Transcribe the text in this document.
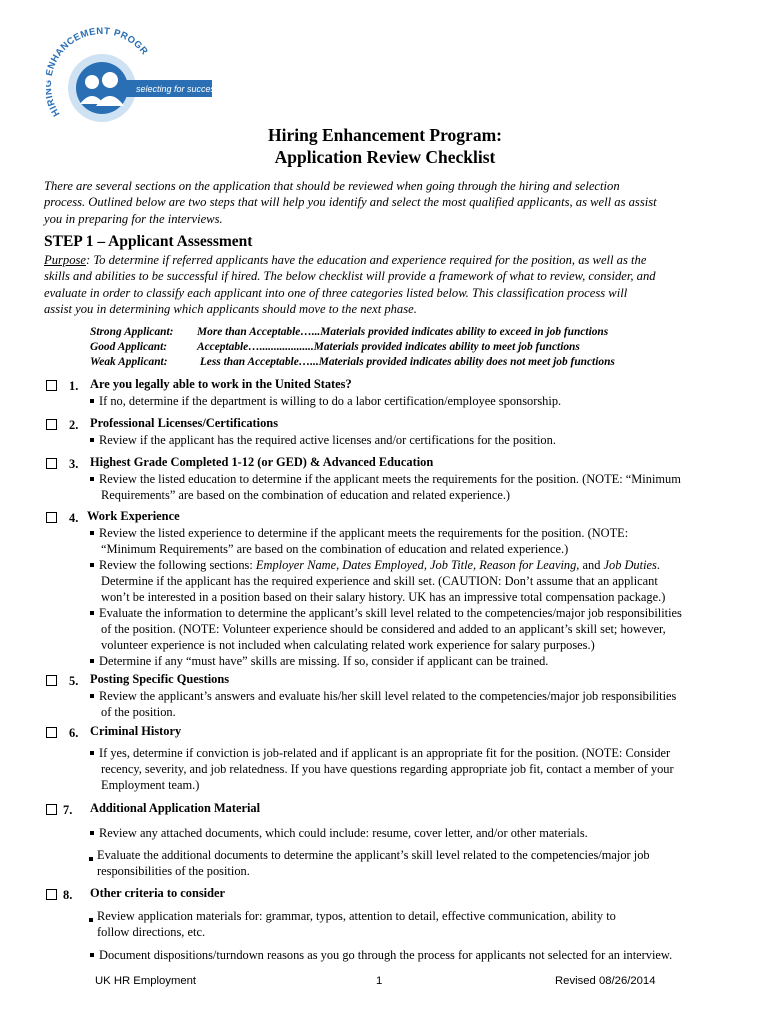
HIR NHANCEMENT PROGR
selecting for success!
Hiring Enhancement Program:
Application Review Checklist
There are several sections on the application that should be reviewed when going through the hiring and selection
process. Outlined below are two steps that will help you identify and select the most qualified applicants, as well as assist
you in preparing for the interviews.
STEP 1 – Applicant Assessment
Purpose: To determine if referred applicants have the education and experience required for the position, as well as the
skills and abilities to be successful if hired. The below checklist will provide a framework of what to review, consider, and
evaluate in order to classify each applicant into one of three categories listed below. This classification process will
assist you in determining which applicants should move to the next phase.
Strong Applicant: More than Acceptable…...Materials provided indicates ability to exceed in job functions
Good Applicant:	Acceptable…...................Materials provided indicates ability to meet job functions
Weak Applicant:	Less than Acceptable…...Materials provided indicates ability does not meet job functions
1. Are you legally able to work in the United States?
If no, determine if the department is willing to do a labor certification/employee sponsorship.
2. Professional Licenses/Certifications
Review if the applicant has the required active licenses and/or certifications for the position.
3. Highest Grade Completed 1-12 (or GED) & Advanced Education
Review the listed education to determine if the applicant meets the requirements for the position. (NOTE: “Minimum
Requirements” are based on the combination of education and related experience.)
4. Work Experience
Review the listed experience to determine if the applicant meets the requirements for the position. (NOTE:
“Minimum Requirements” are based on the combination of education and related experience.)
Review the following sections: Employer Name, Dates Employed, Job Title, Reason for Leaving, and Job Duties.
Determine if the applicant has the required experience and skill set. (CAUTION: Don’t assume that an applicant
won’t be interested in a position based on their salary history. UK has an impressive total compensation package.)
Evaluate the information to determine the applicant’s skill level related to the competencies/major job responsibilities
of the position. (NOTE: Volunteer experience should be considered and added to an applicant’s skill set; however,
volunteer experience is not included when calculating related work experience for salary purposes.)
Determine if any “must have” skills are missing. If so, consider if applicant can be trained.
5. Posting Specific Questions
Review the applicant’s answers and evaluate his/her skill level related to the competencies/major job responsibilities
of the position.
6. Criminal History
If yes, determine if conviction is job-related and if applicant is an appropriate fit for the position. (NOTE: Consider
recency, severity, and job relatedness. If you have questions regarding appropriate job fit, contact a member of your
Employment team.)
7. Additional Application Material
Review any attached documents, which could include: resume, cover letter, and/or other materials.
Evaluate the additional documents to determine the applicant’s skill level related to the competencies/major job
responsibilities of the position.
8. Other criteria to consider
Review application materials for: grammar, typos, attention to detail, effective communication, ability to
follow directions, etc.
Document dispositions/turndown reasons as you go through the process for applicants not selected for an interview.
UK HR Employment	1	Revised 08/26/2014
